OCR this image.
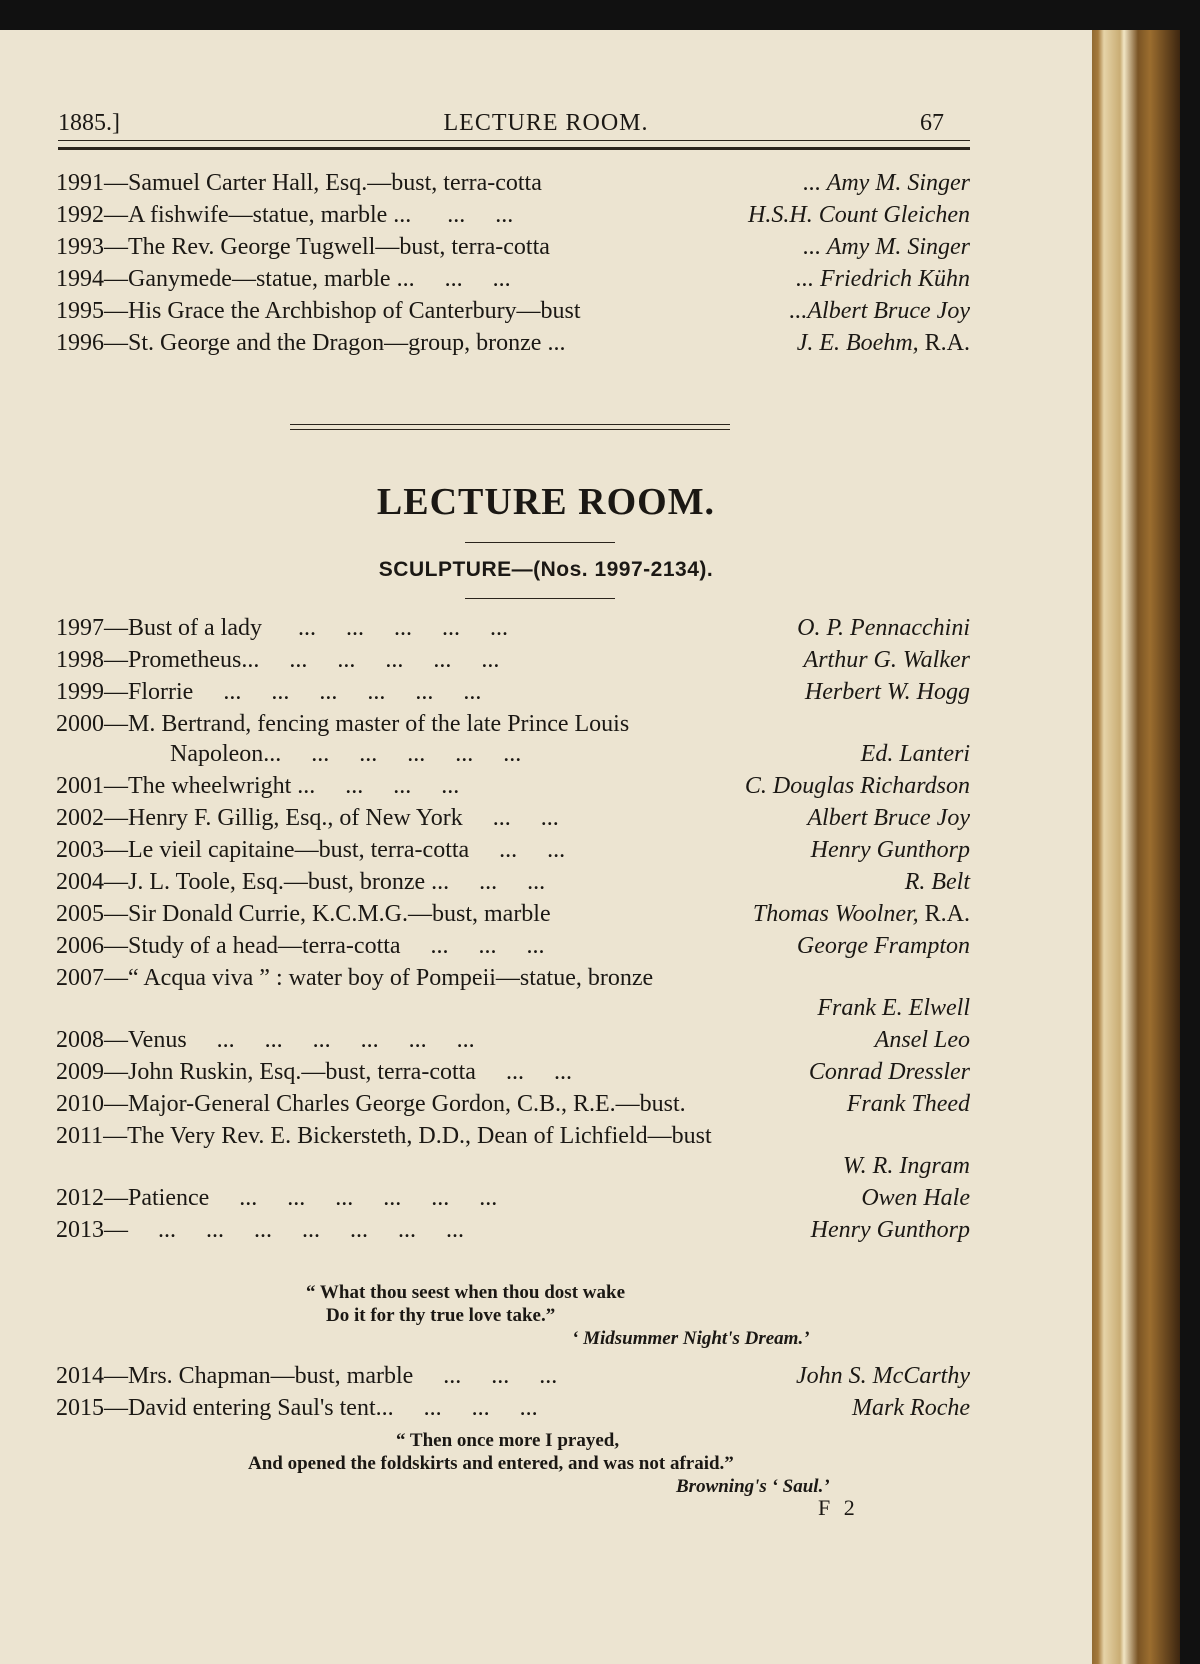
1885.]	LECTURE ROOM.	67
1991—Samuel Carter Hall, Esq.—bust, terra-cotta	... Amy M. Singer
1992—A fishwife—statue, marble ...      ...     ...	H.S.H. Count Gleichen
1993—The Rev. George Tugwell—bust, terra-cotta	... Amy M. Singer
1994—Ganymede—statue, marble ...     ...     ...	... Friedrich Kühn
1995—His Grace the Archbishop of Canterbury—bust	...Albert Bruce Joy
1996—St. George and the Dragon—group, bronze ...	J. E. Boehm, R.A.
LECTURE ROOM.
SCULPTURE—(Nos. 1997-2134).
1997—Bust of a lady      ...     ...     ...     ...     ...	O. P. Pennacchini
1998—Prometheus...     ...     ...     ...     ...     ...	Arthur G. Walker
1999—Florrie     ...     ...     ...     ...     ...     ...	Herbert W. Hogg
2000—M. Bertrand, fencing master of the late Prince Louis
Napoleon...     ...     ...     ...     ...     ...	Ed. Lanteri
2001—The wheelwright ...     ...     ...     ...	C. Douglas Richardson
2002—Henry F. Gillig, Esq., of New York     ...     ...	Albert Bruce Joy
2003—Le vieil capitaine—bust, terra-cotta     ...     ...	Henry Gunthorp
2004—J. L. Toole, Esq.—bust, bronze ...     ...     ...	R. Belt
2005—Sir Donald Currie, K.C.M.G.—bust, marble	Thomas Woolner, R.A.
2006—Study of a head—terra-cotta     ...     ...     ...	George Frampton
2007—“ Acqua viva ” : water boy of Pompeii—statue, bronze
Frank E. Elwell
2008—Venus     ...     ...     ...     ...     ...     ...	Ansel Leo
2009—John Ruskin, Esq.—bust, terra-cotta     ...     ...	Conrad Dressler
2010—Major-General Charles George Gordon, C.B., R.E.—bust.	Frank Theed
2011—The Very Rev. E. Bickersteth, D.D., Dean of Lichfield—bust
W. R. Ingram
2012—Patience     ...     ...     ...     ...     ...     ...	Owen Hale
2013—     ...     ...     ...     ...     ...     ...     ...	Henry Gunthorp
“ What thou seest when thou dost wake
Do it for thy true love take.”
‘ Midsummer Night's Dream.’
2014—Mrs. Chapman—bust, marble     ...     ...     ...	John S. McCarthy
2015—David entering Saul's tent...     ...     ...     ...	Mark Roche
“ Then once more I prayed,
And opened the foldskirts and entered, and was not afraid.”
Browning's ‘ Saul.’
F 2
